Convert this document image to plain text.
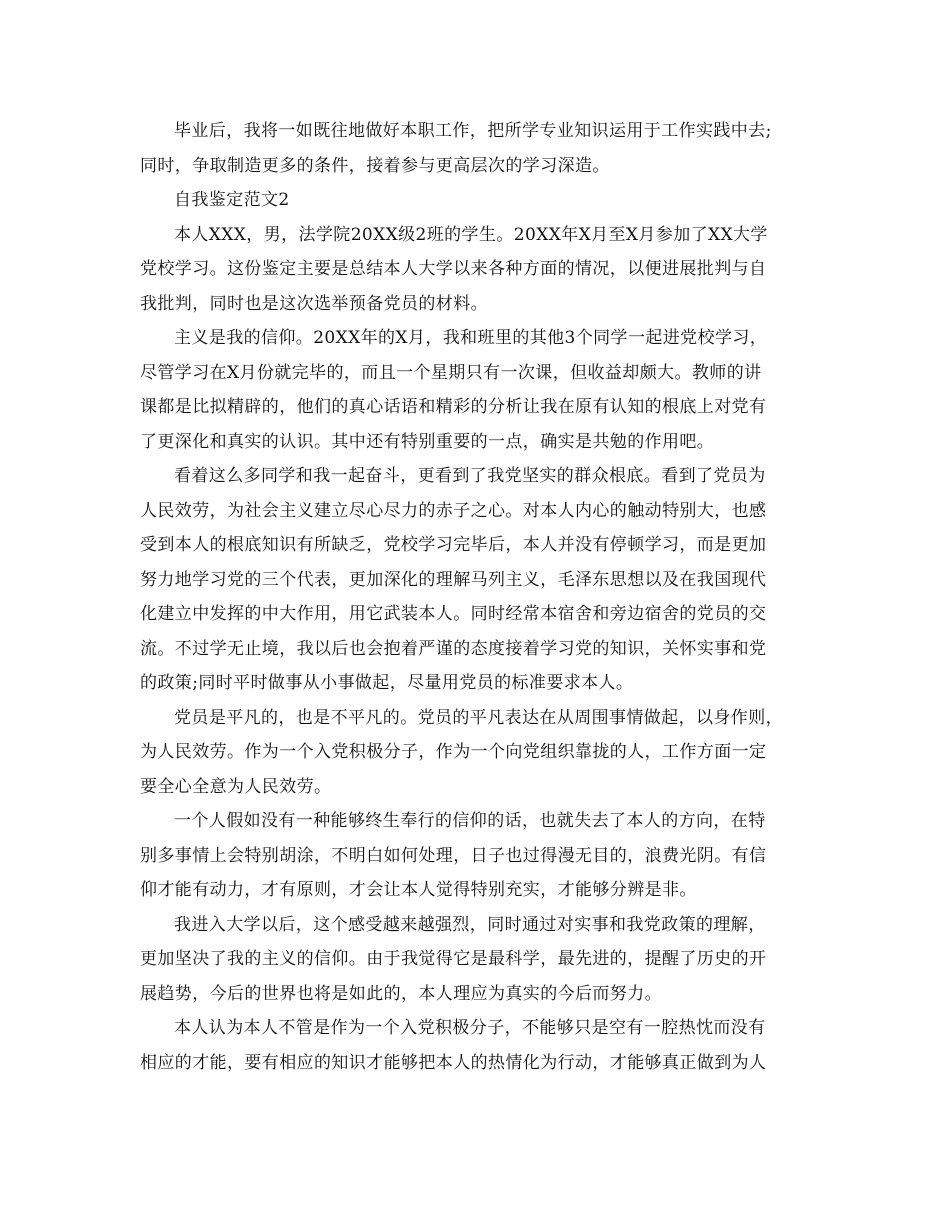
毕业后，我将一如既往地做好本职工作，把所学专业知识运用于工作实践中去;
同时，争取制造更多的条件，接着参与更高层次的学习深造。

自我鉴定范文2

本人XXX，男，法学院20XX级2班的学生。20XX年X月至X月参加了XX大学
党校学习。这份鉴定主要是总结本人大学以来各种方面的情况，以便进展批判与自
我批判，同时也是这次选举预备党员的材料。

主义是我的信仰。20XX年的X月，我和班里的其他3个同学一起进党校学习，
尽管学习在X月份就完毕的，而且一个星期只有一次课，但收益却颇大。教师的讲
课都是比拟精辟的，他们的真心话语和精彩的分析让我在原有认知的根底上对党有
了更深化和真实的认识。其中还有特别重要的一点，确实是共勉的作用吧。

看着这么多同学和我一起奋斗，更看到了我党坚实的群众根底。看到了党员为
人民效劳，为社会主义建立尽心尽力的赤子之心。对本人内心的触动特别大，也感
受到本人的根底知识有所缺乏，党校学习完毕后，本人并没有停顿学习，而是更加
努力地学习党的三个代表，更加深化的理解马列主义，毛泽东思想以及在我国现代
化建立中发挥的中大作用，用它武装本人。同时经常本宿舍和旁边宿舍的党员的交
流。不过学无止境，我以后也会抱着严谨的态度接着学习党的知识，关怀实事和党
的政策;同时平时做事从小事做起，尽量用党员的标准要求本人。

党员是平凡的，也是不平凡的。党员的平凡表达在从周围事情做起，以身作则，
为人民效劳。作为一个入党积极分子，作为一个向党组织靠拢的人，工作方面一定
要全心全意为人民效劳。

一个人假如没有一种能够终生奉行的信仰的话，也就失去了本人的方向，在特
别多事情上会特别胡涂，不明白如何处理，日子也过得漫无目的，浪费光阴。有信
仰才能有动力，才有原则，才会让本人觉得特别充实，才能够分辨是非。

我进入大学以后，这个感受越来越强烈，同时通过对实事和我党政策的理解，
更加坚决了我的主义的信仰。由于我觉得它是最科学，最先进的，提醒了历史的开
展趋势，今后的世界也将是如此的，本人理应为真实的今后而努力。

本人认为本人不管是作为一个入党积极分子，不能够只是空有一腔热忱而没有
相应的才能，要有相应的知识才能够把本人的热情化为行动，才能够真正做到为人
